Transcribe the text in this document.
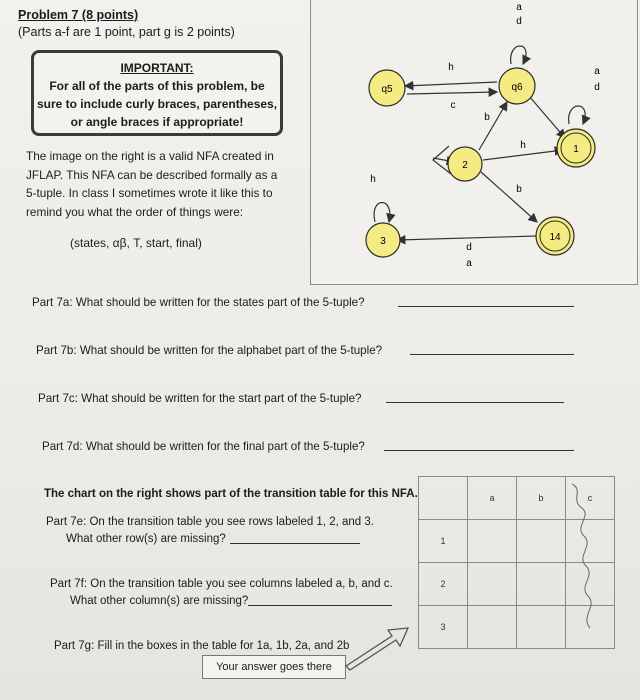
Problem 7 (8 points)
(Parts a-f are 1 point, part g is 2 points)
IMPORTANT:
For all of the parts of this problem, be
sure to include curly braces, parentheses,
or angle braces if appropriate!
The image on the right is a valid NFA created in
JFLAP. This NFA can be described formally as a
5-tuple. In class I sometimes wrote it like this to
remind you what the order of things were:
(states, αβ, T, start, final)
q5	q6
2
1
3	14
a
d
h
c
b
a
d
h
b
h
d
a
Part 7a: What should be written for the states part of the 5-tuple?
Part 7b: What should be written for the alphabet part of the 5-tuple?
Part 7c: What should be written for the start part of the 5-tuple?
Part 7d: What should be written for the final part of the 5-tuple?
The chart on the right shows part of the transition table for this NFA.
Part 7e: On the transition table you see rows labeled 1, 2, and 3.
What other row(s) are missing?
Part 7f: On the transition table you see columns labeled a, b, and c.
What other column(s) are missing?
Part 7g: Fill in the boxes in the table for 1a, 1b, 2a, and 2b
Your answer goes there
	a	b	c
1			
2			
3			
